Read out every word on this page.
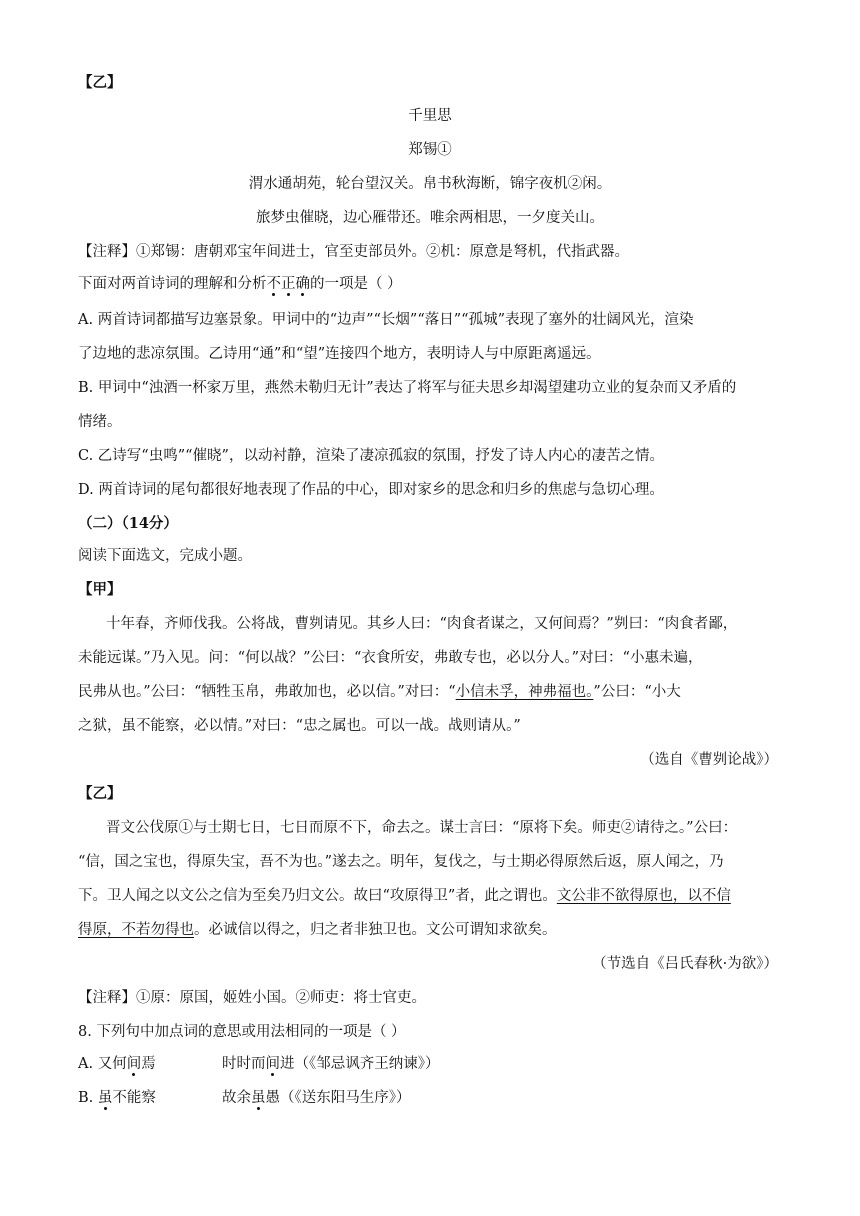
【乙】
千里思
郑锡①
渭水通胡苑，轮台望汉关。帛书秋海断，锦字夜机②闲。
旅梦虫催晓，边心雁带还。唯余两相思，一夕度关山。
【注释】①郑锡：唐朝邓宝年间进士，官至吏部员外。②机：原意是弩机，代指武器。
下面对两首诗词的理解和分析不正确的一项是（ ）
A. 两首诗词都描写边塞景象。甲词中的“边声”“长烟”“落日”“孤城”表现了塞外的壮阔风光，渲染
了边地的悲凉氛围。乙诗用“通”和“望”连接四个地方，表明诗人与中原距离遥远。
B. 甲词中“浊酒一杯家万里，燕然未勒归无计”表达了将军与征夫思乡却渴望建功立业的复杂而又矛盾的
情绪。
C. 乙诗写“虫鸣”“催晓”，以动衬静，渲染了凄凉孤寂的氛围，抒发了诗人内心的凄苦之情。
D. 两首诗词的尾句都很好地表现了作品的中心，即对家乡的思念和归乡的焦虑与急切心理。
（二）（14分）
阅读下面选文，完成小题。
【甲】
十年春，齐师伐我。公将战，曹刿请见。其乡人曰：“肉食者谋之，又何间焉？”刿曰：“肉食者鄙，
未能远谋。”乃入见。问：“何以战？”公曰：“衣食所安，弗敢专也，必以分人。”对曰：“小惠未遍，
民弗从也。”公曰：“牺牲玉帛，弗敢加也，必以信。”对曰：“小信未孚，神弗福也。”公曰：“小大
之狱，虽不能察，必以情。”对曰：“忠之属也。可以一战。战则请从。”
（选自《曹刿论战》）
【乙】
晋文公伐原①与士期七日，七日而原不下，命去之。谋士言曰：“原将下矣。师吏②请待之。”公曰：
“信，国之宝也，得原失宝，吾不为也。”遂去之。明年，复伐之，与士期必得原然后返，原人闻之，乃
下。卫人闻之以文公之信为至矣乃归文公。故曰“攻原得卫”者，此之谓也。文公非不欲得原也，以不信
得原，不若勿得也。必诚信以得之，归之者非独卫也。文公可谓知求欲矣。
（节选自《吕氏春秋·为欲》）
【注释】①原：原国，姬姓小国。②师吏：将士官吏。
8. 下列句中加点词的意思或用法相同的一项是（ ）
A. 又何间焉	时时而间进（《邹忌讽齐王纳谏》）
B. 虽不能察	故余虽愚（《送东阳马生序》）
